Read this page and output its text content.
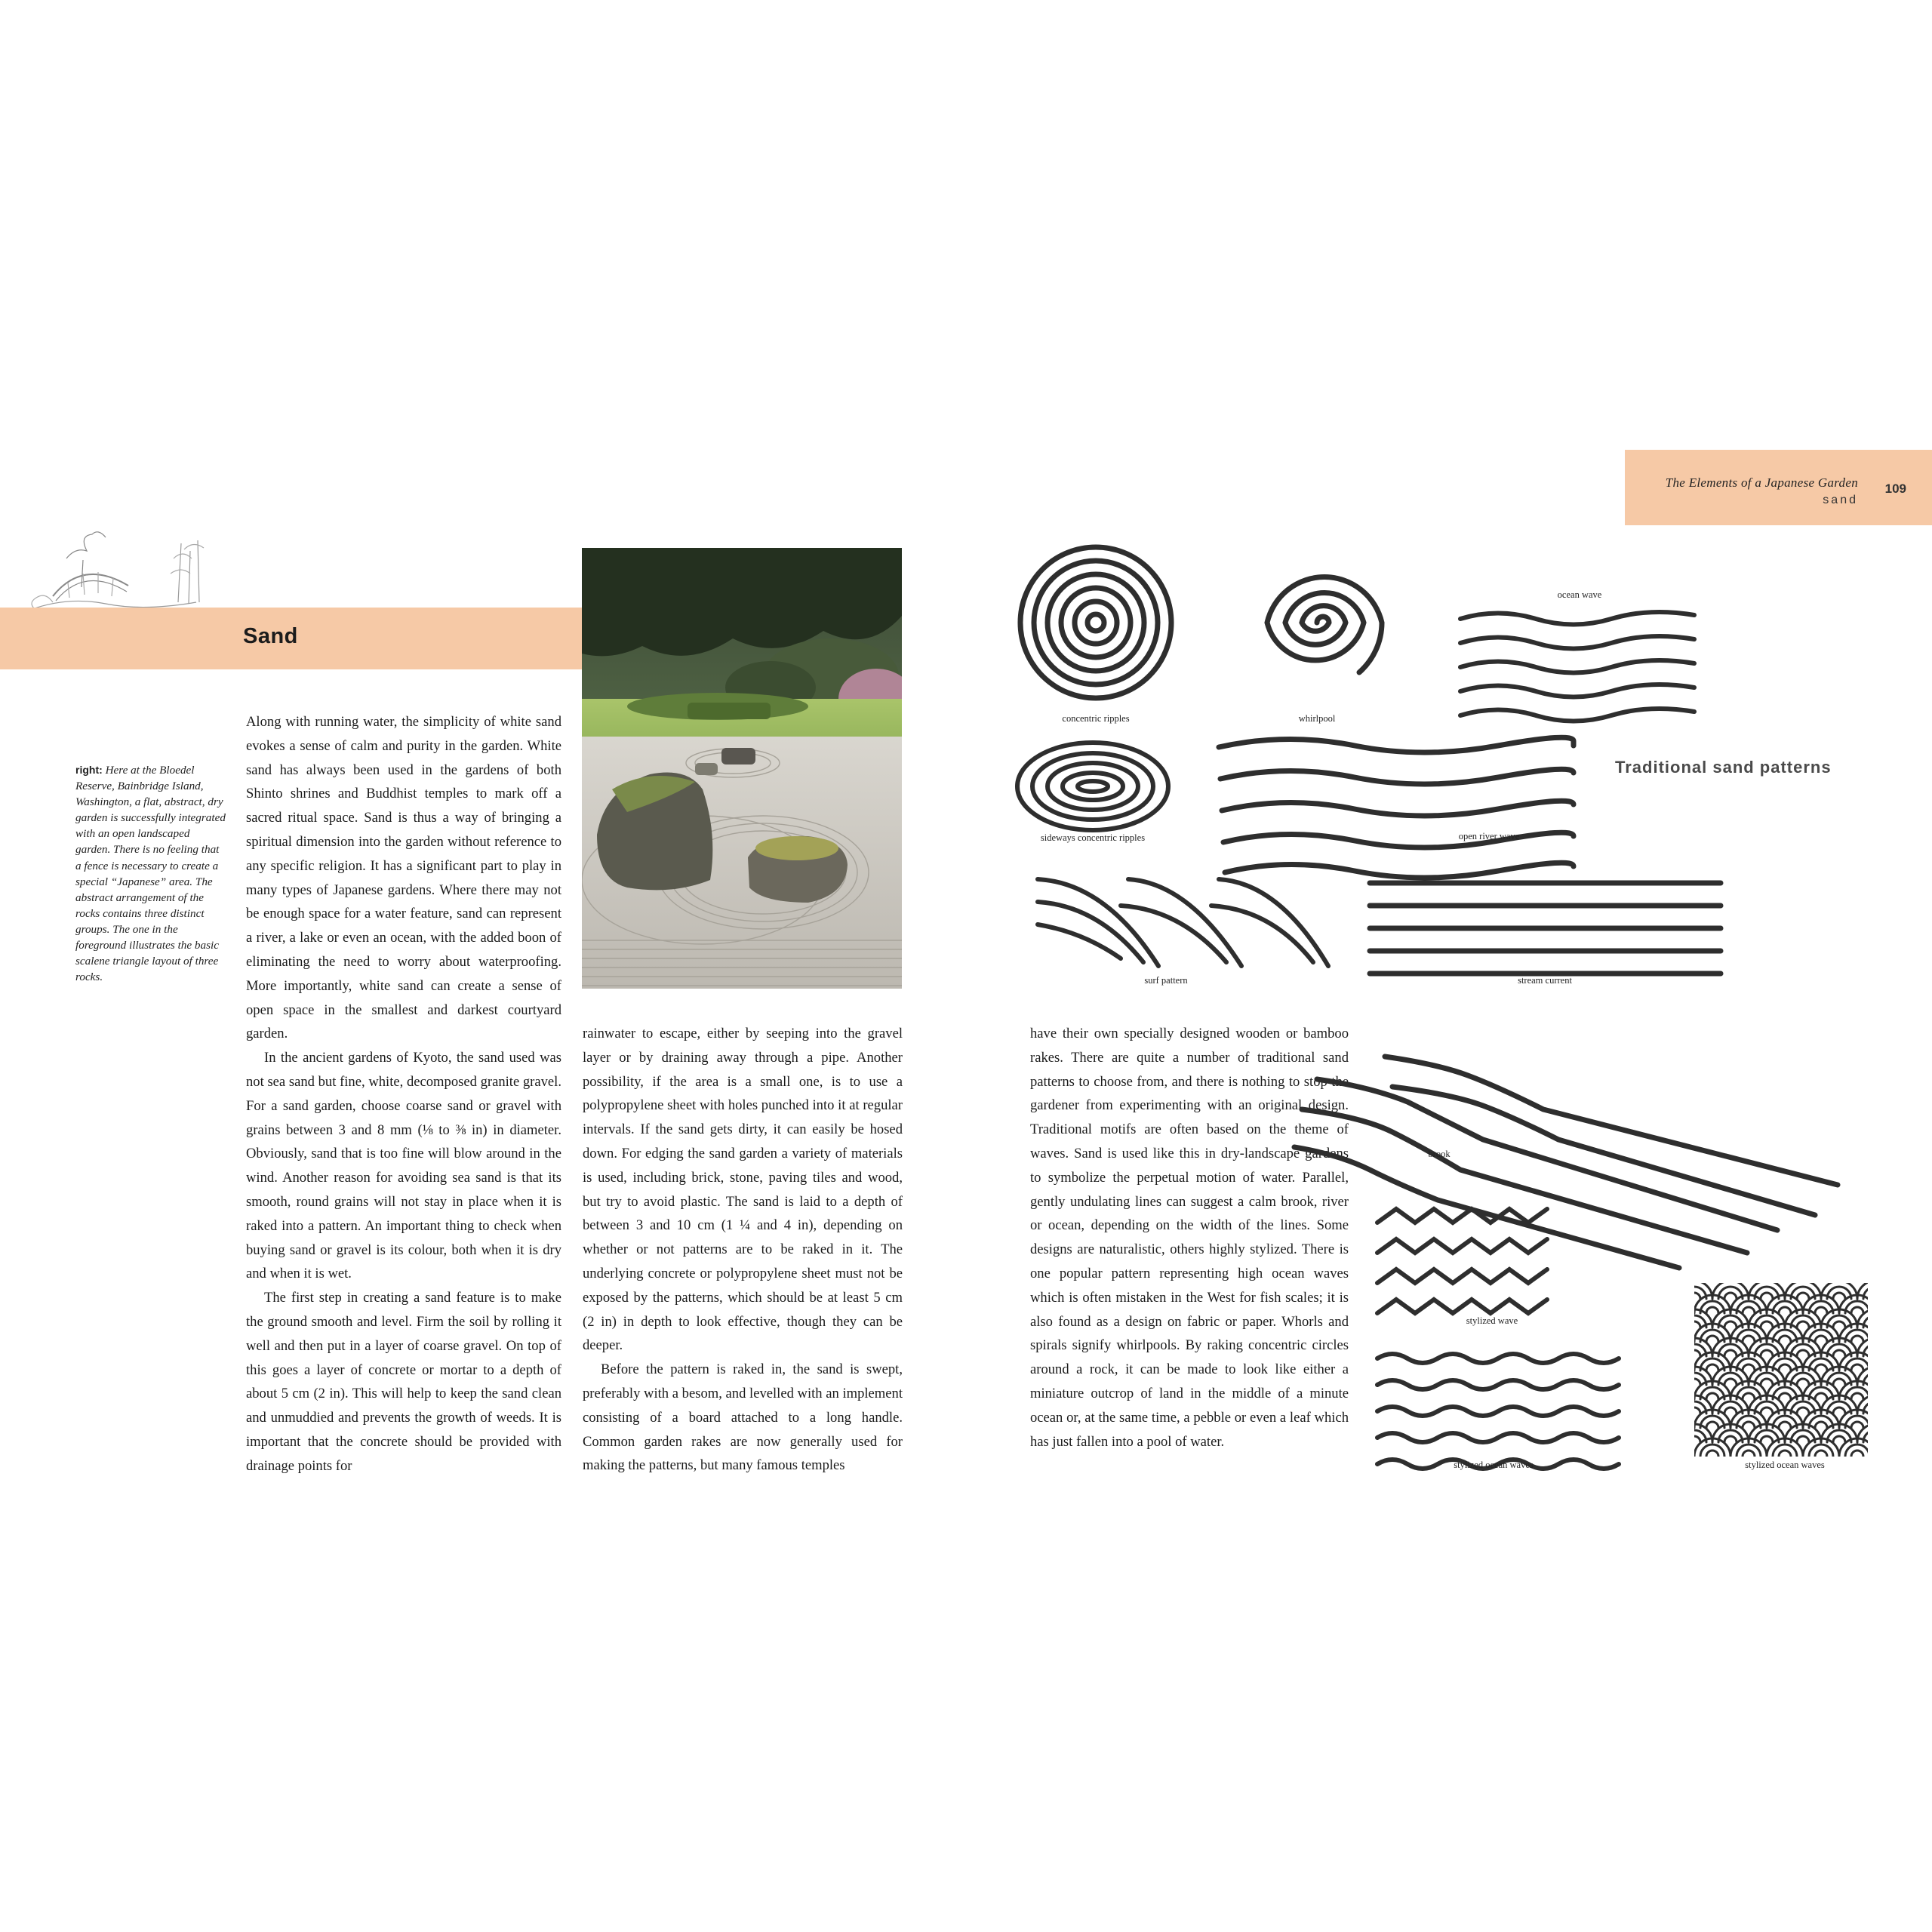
The Elements of a Japanese Garden
sand
109
Sand
right: Here at the Bloedel Reserve, Bainbridge Island, Washington, a flat, abstract, dry garden is successfully integrated with an open landscaped garden. There is no feeling that a fence is necessary to create a special “Japanese” area. The abstract arrangement of the rocks contains three distinct groups. The one in the foreground illustrates the basic scalene triangle layout of three rocks.

Along with running water, the simplicity of white sand evokes a sense of calm and purity in the garden. White sand has always been used in the gardens of both Shinto shrines and Buddhist temples to mark off a sacred ritual space. Sand is thus a way of bringing a spiritual dimension into the garden without reference to any specific religion. It has a significant part to play in many types of Japanese gardens. Where there may not be enough space for a water feature, sand can represent a river, a lake or even an ocean, with the added boon of eliminating the need to worry about waterproofing. More importantly, white sand can create a sense of open space in the smallest and darkest courtyard garden.

In the ancient gardens of Kyoto, the sand used was not sea sand but fine, white, decomposed granite gravel. For a sand garden, choose coarse sand or gravel with grains between 3 and 8 mm (⅛ to ⅜ in) in diameter. Obviously, sand that is too fine will blow around in the wind. Another reason for avoiding sea sand is that its smooth, round grains will not stay in place when it is raked into a pattern. An important thing to check when buying sand or gravel is its colour, both when it is dry and when it is wet.

The first step in creating a sand feature is to make the ground smooth and level. Firm the soil by rolling it well and then put in a layer of coarse gravel. On top of this goes a layer of concrete or mortar to a depth of about 5 cm (2 in). This will help to keep the sand clean and unmuddied and prevents the growth of weeds. It is important that the concrete should be provided with drainage points for

rainwater to escape, either by seeping into the gravel layer or by draining away through a pipe. Another possibility, if the area is a small one, is to use a polypropylene sheet with holes punched into it at regular intervals. If the sand gets dirty, it can easily be hosed down. For edging the sand garden a variety of materials is used, including brick, stone, paving tiles and wood, but try to avoid plastic. The sand is laid to a depth of between 3 and 10 cm (1 ¼ and 4 in), depending on whether or not patterns are to be raked in it. The underlying concrete or polypropylene sheet must not be exposed by the patterns, which should be at least 5 cm (2 in) in depth to look effective, though they can be deeper.

Before the pattern is raked in, the sand is swept, preferably with a besom, and levelled with an implement consisting of a board attached to a long handle. Common garden rakes are now generally used for making the patterns, but many famous temples

have their own specially designed wooden or bamboo rakes. There are quite a number of traditional sand patterns to choose from, and there is nothing to stop the gardener from experimenting with an original design. Traditional motifs are often based on the theme of waves. Sand is used like this in dry-landscape gardens to symbolize the perpetual motion of water. Parallel, gently undulating lines can suggest a calm brook, river or ocean, depending on the width of the lines. Some designs are naturalistic, others highly stylized. There is one popular pattern representing high ocean waves which is often mistaken in the West for fish scales; it is also found as a design on fabric or paper. Whorls and spirals signify whirlpools. By raking concentric circles around a rock, it can be made to look like either a miniature outcrop of land in the middle of a minute ocean or, at the same time, a pebble or even a leaf which has just fallen into a pool of water.

Traditional sand patterns
concentric ripples	whirlpool
ocean wave
sideways concentric ripples	open river wave
surf pattern	stream current
brook
stylized wave
stylized ocean waves	stylized ocean waves
